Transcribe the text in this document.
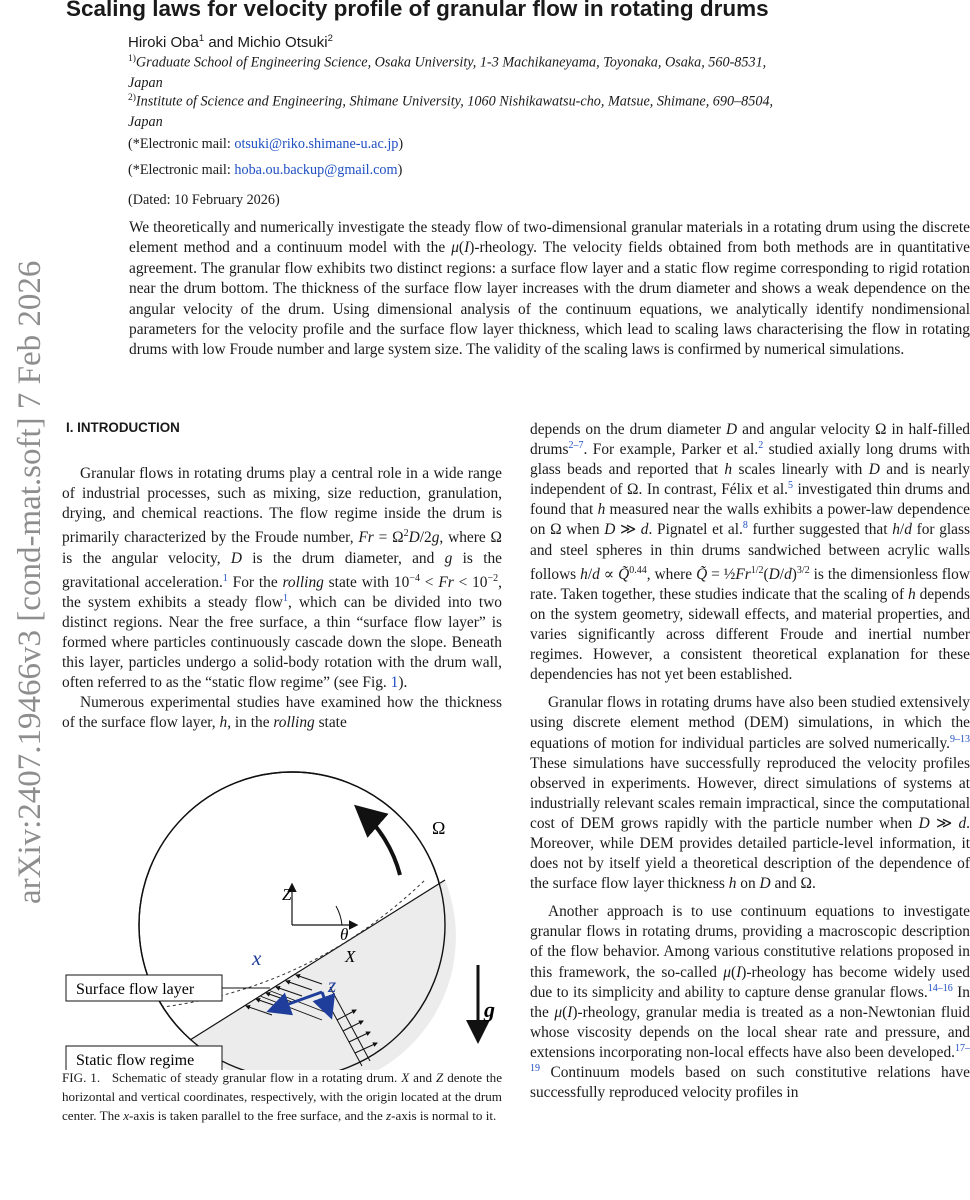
Scaling laws for velocity profile of granular flow in rotating drums
Hiroki Oba$^1$ and Michio Otsuki$^2$
$^{1)}$Graduate School of Engineering Science, Osaka University, 1-3 Machikaneyama, Toyonaka, Osaka, 560-8531,
Japan
$^{2)}$Institute of Science and Engineering, Shimane University, 1060 Nishikawatsu-cho, Matsue, Shimane, 690–8504,
Japan
(*Electronic mail: otsuki@riko.shimane-u.ac.jp)
(*Electronic mail: hoba.ou.backup@gmail.com)
(Dated: 10 February 2026)
We theoretically and numerically investigate the steady flow of two-dimensional granular materials in a rotating drum using the discrete element method and a continuum model with the μ(I)-rheology. The velocity fields obtained from both methods are in quantitative agreement. The granular flow exhibits two distinct regions: a surface flow layer and a static flow regime corresponding to rigid rotation near the drum bottom. The thickness of the surface flow layer increases with the drum diameter and shows a weak dependence on the angular velocity of the drum. Using dimensional analysis of the continuum equations, we analytically identify nondimensional parameters for the velocity profile and the surface flow layer thickness, which lead to scaling laws characterising the flow in rotating drums with low Froude number and large system size. The validity of the scaling laws is confirmed by numerical simulations.
arXiv:2407.19466v3 [cond-mat.soft] 7 Feb 2026	I. INTRODUCTION

Granular flows in rotating drums play a central role in a wide range of industrial processes, such as mixing, size reduction, granulation, drying, and chemical reactions. The flow regime inside the drum is primarily characterized by the Froude number, $Fr = \Omega^2D/2g$, where Ω is the angular velocity, D is the drum diameter, and g is the gravitational acceleration.$^1$ For the rolling state with $10^{-4} < Fr < 10^{-2}$, the system exhibits a steady flow$^1$, which can be divided into two distinct regions. Near the free surface, a thin “surface flow layer” is formed where particles continuously cascade down the slope. Beneath this layer, particles undergo a solid-body rotation with the drum wall, often referred to as the “static flow regime” (see Fig. 1).

Numerous experimental studies have examined how the thickness of the surface flow layer, h, in the rolling state

Z
X
θ
x
z
Ω
g
Surface flow layer
Static flow regime
FIG. 1. Schematic of steady granular flow in a rotating drum. X and Z denote the horizontal and vertical coordinates, respectively, with the origin located at the drum center. The x-axis is taken parallel to the free surface, and the z-axis is normal to it.

depends on the drum diameter D and angular velocity Ω in half-filled drums$^{2-7}$. For example, Parker et al.$^2$ studied axially long drums with glass beads and reported that h scales linearly with D and is nearly independent of Ω. In contrast, Félix et al.$^5$ investigated thin drums and found that h measured near the walls exhibits a power-law dependence on Ω when D ≫ d. Pignatel et al.$^8$ further suggested that h/d for glass and steel spheres in thin drums sandwiched between acrylic walls follows h/d ∝ Q̃$^{0.44}$, where Q̃ = $\frac{1}{2}Fr^{1/2}(D/d)^{3/2}$ is the dimensionless flow rate. Taken together, these studies indicate that the scaling of h depends on the system geometry, sidewall effects, and material properties, and varies significantly across different Froude and inertial number regimes. However, a consistent theoretical explanation for these dependencies has not yet been established.

Granular flows in rotating drums have also been studied extensively using discrete element method (DEM) simulations, in which the equations of motion for individual particles are solved numerically.$^{9-13}$ These simulations have successfully reproduced the velocity profiles observed in experiments. However, direct simulations of systems at industrially relevant scales remain impractical, since the computational cost of DEM grows rapidly with the particle number when D ≫ d. Moreover, while DEM provides detailed particle-level information, it does not by itself yield a theoretical description of the dependence of the surface flow layer thickness h on D and Ω.

Another approach is to use continuum equations to investigate granular flows in rotating drums, providing a macroscopic description of the flow behavior. Among various constitutive relations proposed in this framework, the so-called μ(I)-rheology has become widely used due to its simplicity and ability to capture dense granular flows.$^{14-16}$ In the μ(I)-rheology, granular media is treated as a non-Newtonian fluid whose viscosity depends on the local shear rate and pressure, and extensions incorporating non-local effects have also been developed.$^{17-19}$ Continuum models based on such constitutive relations have successfully reproduced velocity profiles in
